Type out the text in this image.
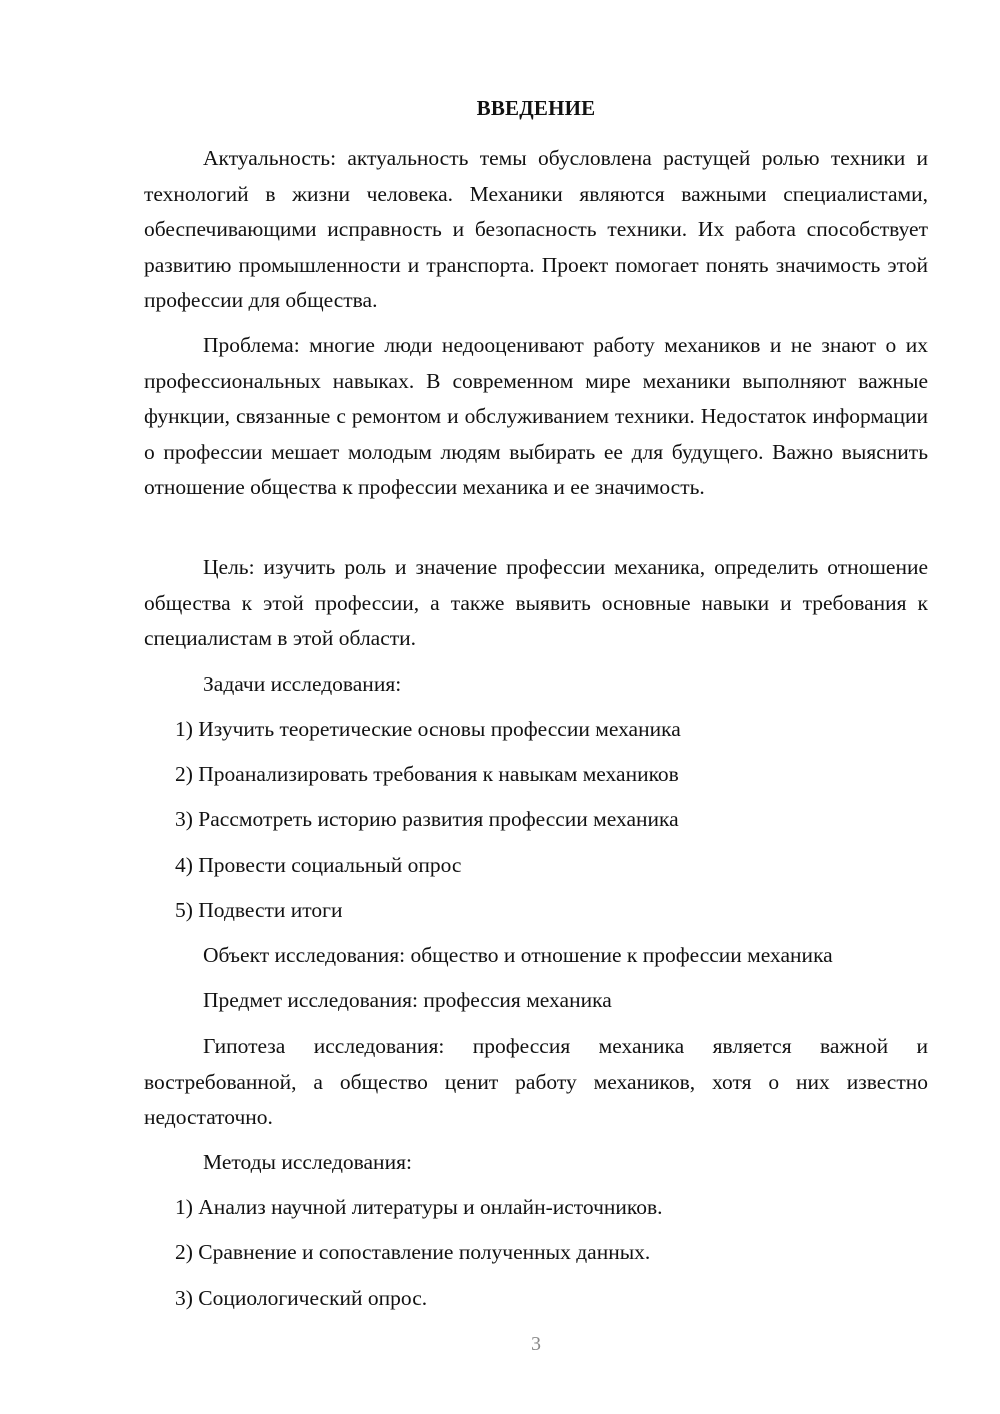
ВВЕДЕНИЕ

Актуальность: актуальность темы обусловлена растущей ролью техники и технологий в жизни человека. Механики являются важными специалистами, обеспечивающими исправность и безопасность техники. Их работа способствует развитию промышленности и транспорта. Проект помогает понять значимость этой профессии для общества.

Проблема: многие люди недооценивают работу механиков и не знают о их профессиональных навыках. В современном мире механики выполняют важные функции, связанные с ремонтом и обслуживанием техники. Недостаток информации о профессии мешает молодым людям выбирать ее для будущего. Важно выяснить отношение общества к профессии механика и ее значимость.

Цель: изучить роль и значение профессии механика, определить отношение общества к этой профессии, а также выявить основные навыки и требования к специалистам в этой области.

Задачи исследования:

1) Изучить теоретические основы профессии механика

2) Проанализировать требования к навыкам механиков

3) Рассмотреть историю развития профессии механика

4) Провести социальный опрос

5) Подвести итоги

Объект исследования: общество и отношение к профессии механика

Предмет исследования: профессия механика

Гипотеза исследования: профессия механика является важной и востребованной, а общество ценит работу механиков, хотя о них известно недостаточно.

Методы исследования:

1) Анализ научной литературы и онлайн-источников.

2) Сравнение и сопоставление полученных данных.

3) Социологический опрос.

3
